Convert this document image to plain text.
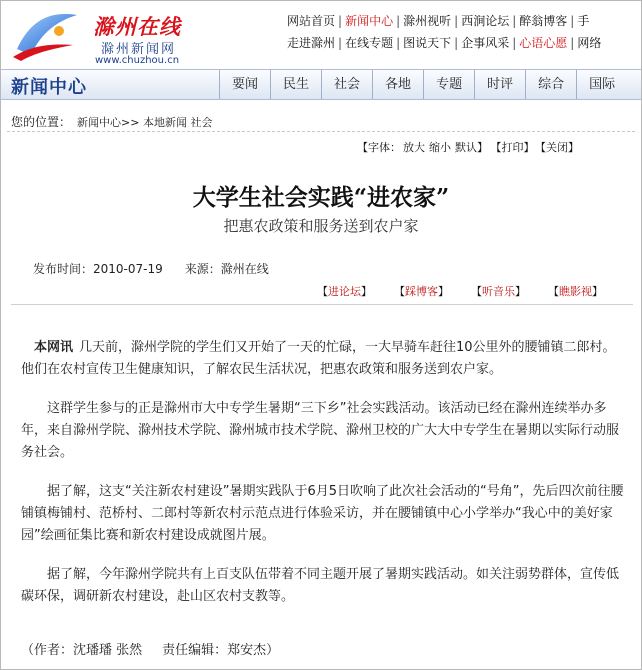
滁州在线
滁州新闻网
www.chuzhou.cn
网站首页 | 新闻中心 | 滁州视听 | 西涧论坛 | 醉翁博客 | 手
走进滁州 | 在线专题 | 图说天下 | 企事风采 | 心语心愿 | 网络
新闻中心	要闻 民生 社会 各地 专题 时评 综合 国际
您的位置： 新闻中心>> 本地新闻 社会
【字体： 放大 缩小 默认】 【打印】 【关闭】
大学生社会实践“进农家”
把惠农政策和服务送到农户家
发布时间：2010-07-19 来源：滁州在线
【进论坛】 【踩博客】 【听音乐】 【瞧影视】

本网讯 几天前，滁州学院的学生们又开始了一天的忙碌，一大早骑车赶往10公里外的腰铺镇二郎村。他们在农村宣传卫生健康知识，了解农民生活状况，把惠农政策和服务送到农户家。

这群学生参与的正是滁州市大中专学生暑期“三下乡”社会实践活动。该活动已经在滁州连续举办多年，来自滁州学院、滁州技术学院、滁州城市技术学院、滁州卫校的广大大中专学生在暑期以实际行动服务社会。

据了解，这支“关注新农村建设”暑期实践队于6月5日吹响了此次社会活动的“号角”，先后四次前往腰铺镇梅铺村、范桥村、二郎村等新农村示范点进行体验采访，并在腰铺镇中心小学举办“我心中的美好家园”绘画征集比赛和新农村建设成就图片展。

据了解，今年滁州学院共有上百支队伍带着不同主题开展了暑期实践活动。如关注弱势群体，宣传低碳环保，调研新农村建设，赴山区农村支教等。

（作者：沈璠璠 张然 责任编辑：郑安杰）
